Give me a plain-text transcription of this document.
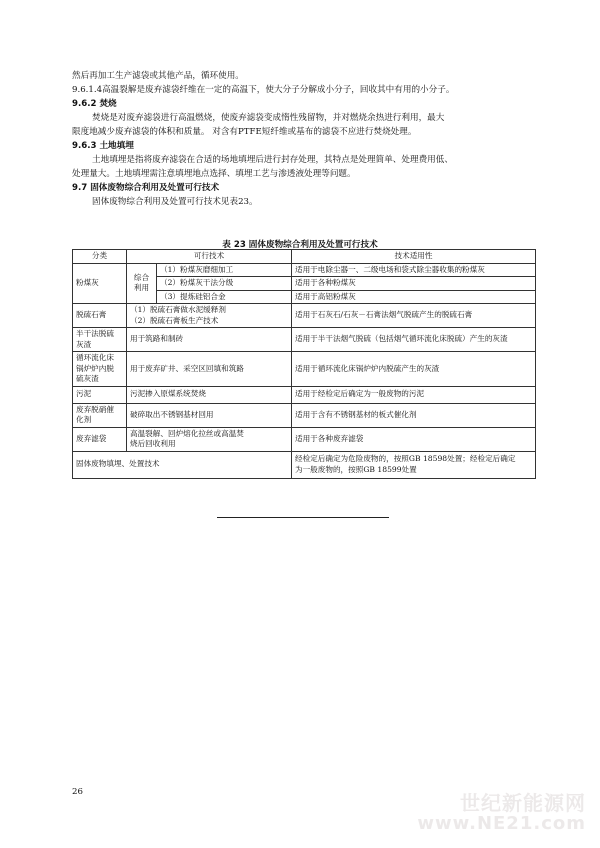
然后再加工生产滤袋或其他产品，循环使用。
9.6.1.4高温裂解是废弃滤袋纤维在一定的高温下，使大分子分解成小分子，回收其中有用的小分子。
9.6.2 焚烧
焚烧是对废弃滤袋进行高温燃烧，使废弃滤袋变成惰性残留物，并对燃烧余热进行利用，最大
限度地减少废弃滤袋的体积和质量。 对含有PTFE短纤维或基布的滤袋不应进行焚烧处理。
9.6.3 土地填埋
土地填埋是指将废弃滤袋在合适的场地填埋后进行封存处理，其特点是处理简单、处理费用低、
处理量大。土地填埋需注意填埋地点选择、填埋工艺与渗透液处理等问题。
9.7 固体废物综合利用及处置可行技术
固体废物综合利用及处置可行技术见表23。
表 23 固体废物综合利用及处置可行技术
分类	可行技术		技术适用性
粉煤灰	综合利用	（1）粉煤灰磨细加工	适用于电除尘器一、二级电场和袋式除尘器收集的粉煤灰
		（2）粉煤灰干法分级	适用于各种粉煤灰
		（3）提炼硅铝合金	适用于高铝粉煤灰
脱硫石膏	（1）脱硫石膏做水泥缓释剂
（2）脱硫石膏板生产技术		适用于石灰石/石灰－石膏法烟气脱硫产生的脱硫石膏

半干法脱硫
灰渣	用于筑路和制砖		适用于半干法烟气脱硫（包括烟气循环流化床脱硫）产生的灰渣

循环流化床
锅炉炉内脱
硫灰渣	用于废弃矿井、采空区回填和筑路		适用于循环流化床锅炉炉内脱硫产生的灰渣
污泥	污泥掺入原煤系统焚烧		适用于经检定后确定为一般废物的污泥

废弃脱硝催
化剂	破碎取出不锈钢基材回用		适用于含有不锈钢基材的板式催化剂
废弃滤袋	高温裂解、回炉熔化拉丝或高温焚
烧后回收利用		适用于各种废弃滤袋
固体废物填埋、处置技术			经检定后确定为危险废物的，按照GB 18598处置；经检定后确定
为一般废物的，按照GB 18599处置
26	世纪新能源网
www.NE21.com
